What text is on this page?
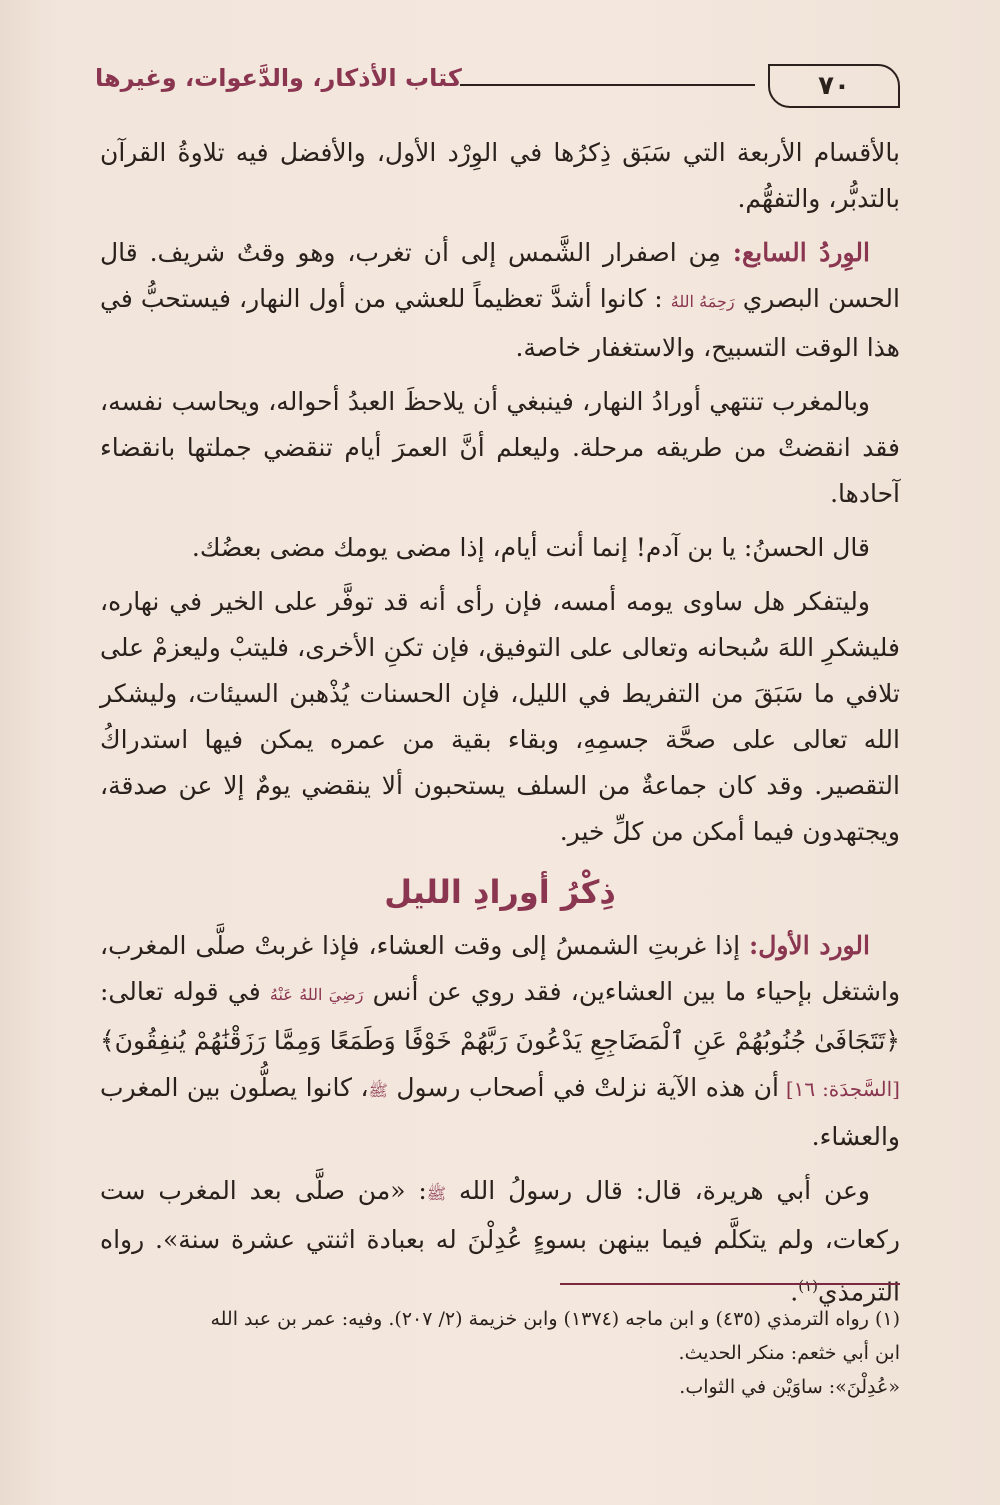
٧٠
كتاب الأذكار، والدَّعوات، وغيرها

بالأقسام الأربعة التي سَبَق ذِكرُها في الوِرْد الأول، والأفضل فيه تلاوةُ القرآن بالتدبُّر، والتفهُّم.

الوِردُ السابع: مِن اصفرار الشَّمس إلى أن تغرب، وهو وقتٌ شريف. قال الحسن البصري رَحِمَهُ اللهُ : كانوا أشدَّ تعظيماً للعشي من أول النهار، فيستحبُّ في هذا الوقت التسبيح، والاستغفار خاصة.

وبالمغرب تنتهي أورادُ النهار، فينبغي أن يلاحظَ العبدُ أحواله، ويحاسب نفسه، فقد انقضتْ من طريقه مرحلة. وليعلم أنَّ العمرَ أيام تنقضي جملتها بانقضاء آحادها.

قال الحسنُ: يا بن آدم! إنما أنت أيام، إذا مضى يومك مضى بعضُك.

وليتفكر هل ساوى يومه أمسه، فإن رأى أنه قد توفَّر على الخير في نهاره، فليشكرِ اللهَ سُبحانه وتعالى على التوفيق، فإن تكنِ الأخرى، فليتبْ وليعزمْ على تلافي ما سَبَقَ من التفريط في الليل، فإن الحسنات يُذْهبن السيئات، وليشكر الله تعالى على صحَّة جسمِهِ، وبقاء بقية من عمره يمكن فيها استدراكُ التقصير. وقد كان جماعةٌ من السلف يستحبون ألا ينقضي يومٌ إلا عن صدقة، ويجتهدون فيما أمكن من كلِّ خير.

ذِكْرُ أورادِ الليل

الورد الأول: إذا غربتِ الشمسُ إلى وقت العشاء، فإذا غربتْ صلَّى المغرب، واشتغل بإحياء ما بين العشاءين، فقد روي عن أنس رَضِيَ اللهُ عَنْهُ في قوله تعالى: ﴿تَتَجَافَىٰ جُنُوبُهُمْ عَنِ ٱلْمَضَاجِعِ يَدْعُونَ رَبَّهُمْ خَوْفًا وَطَمَعًا وَمِمَّا رَزَقْنَٰهُمْ يُنفِقُونَ﴾ [السَّجدَة: ١٦] أن هذه الآية نزلتْ في أصحاب رسول ﷺ، كانوا يصلُّون بين المغرب والعشاء.

وعن أبي هريرة، قال: قال رسولُ الله ﷺ: «من صلَّى بعد المغرب ست ركعات، ولم يتكلَّم فيما بينهن بسوءٍ عُدِلْنَ له بعبادة اثنتي عشرة سنة». رواه الترمذي$^{(١)}$.

(١) رواه الترمذي (٤٣٥) و ابن ماجه (١٣٧٤) وابن خزيمة (٢/ ٢٠٧). وفيه: عمر بن عبد الله

ابن أبي خثعم: منكر الحديث.

«عُدِلْنَ»: ساوَيْن في الثواب.
